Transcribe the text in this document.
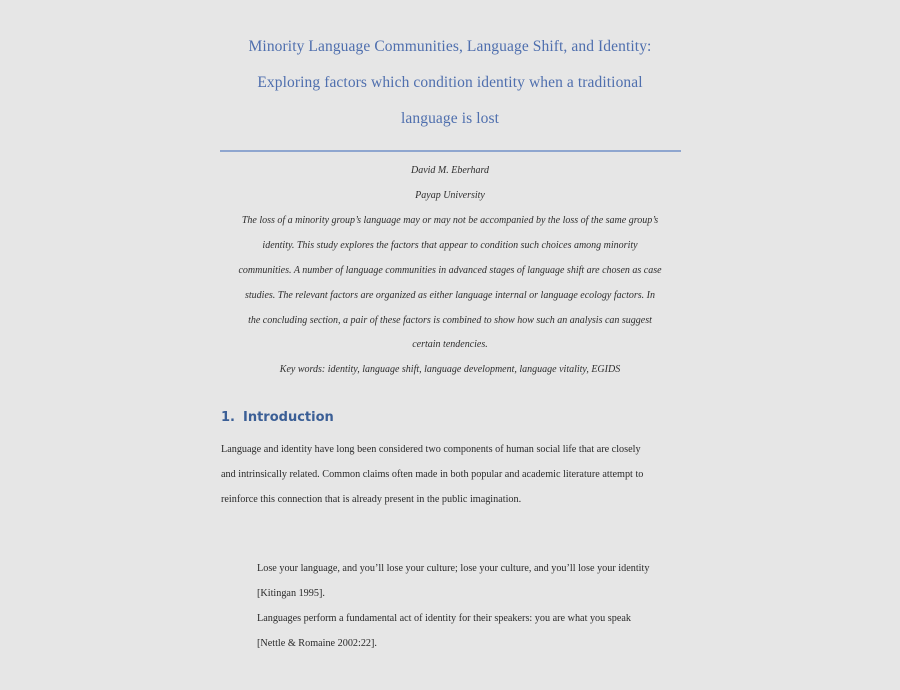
Minority Language Communities, Language Shift, and Identity:
Exploring factors which condition identity when a traditional
language is lost
David M. Eberhard
Payap University
The loss of a minority group’s language may or may not be accompanied by the loss of the same group’s
identity. This study explores the factors that appear to condition such choices among minority
communities. A number of language communities in advanced stages of language shift are chosen as case
studies. The relevant factors are organized as either language internal or language ecology factors. In
the concluding section, a pair of these factors is combined to show how such an analysis can suggest
certain tendencies.
Key words: identity, language shift, language development, language vitality, EGIDS
1. Introduction
Language and identity have long been considered two components of human social life that are closely
and intrinsically related. Common claims often made in both popular and academic literature attempt to
reinforce this connection that is already present in the public imagination.
Lose your language, and you’ll lose your culture; lose your culture, and you’ll lose your identity
[Kitingan 1995].
Languages perform a fundamental act of identity for their speakers: you are what you speak
[Nettle & Romaine 2002:22].
